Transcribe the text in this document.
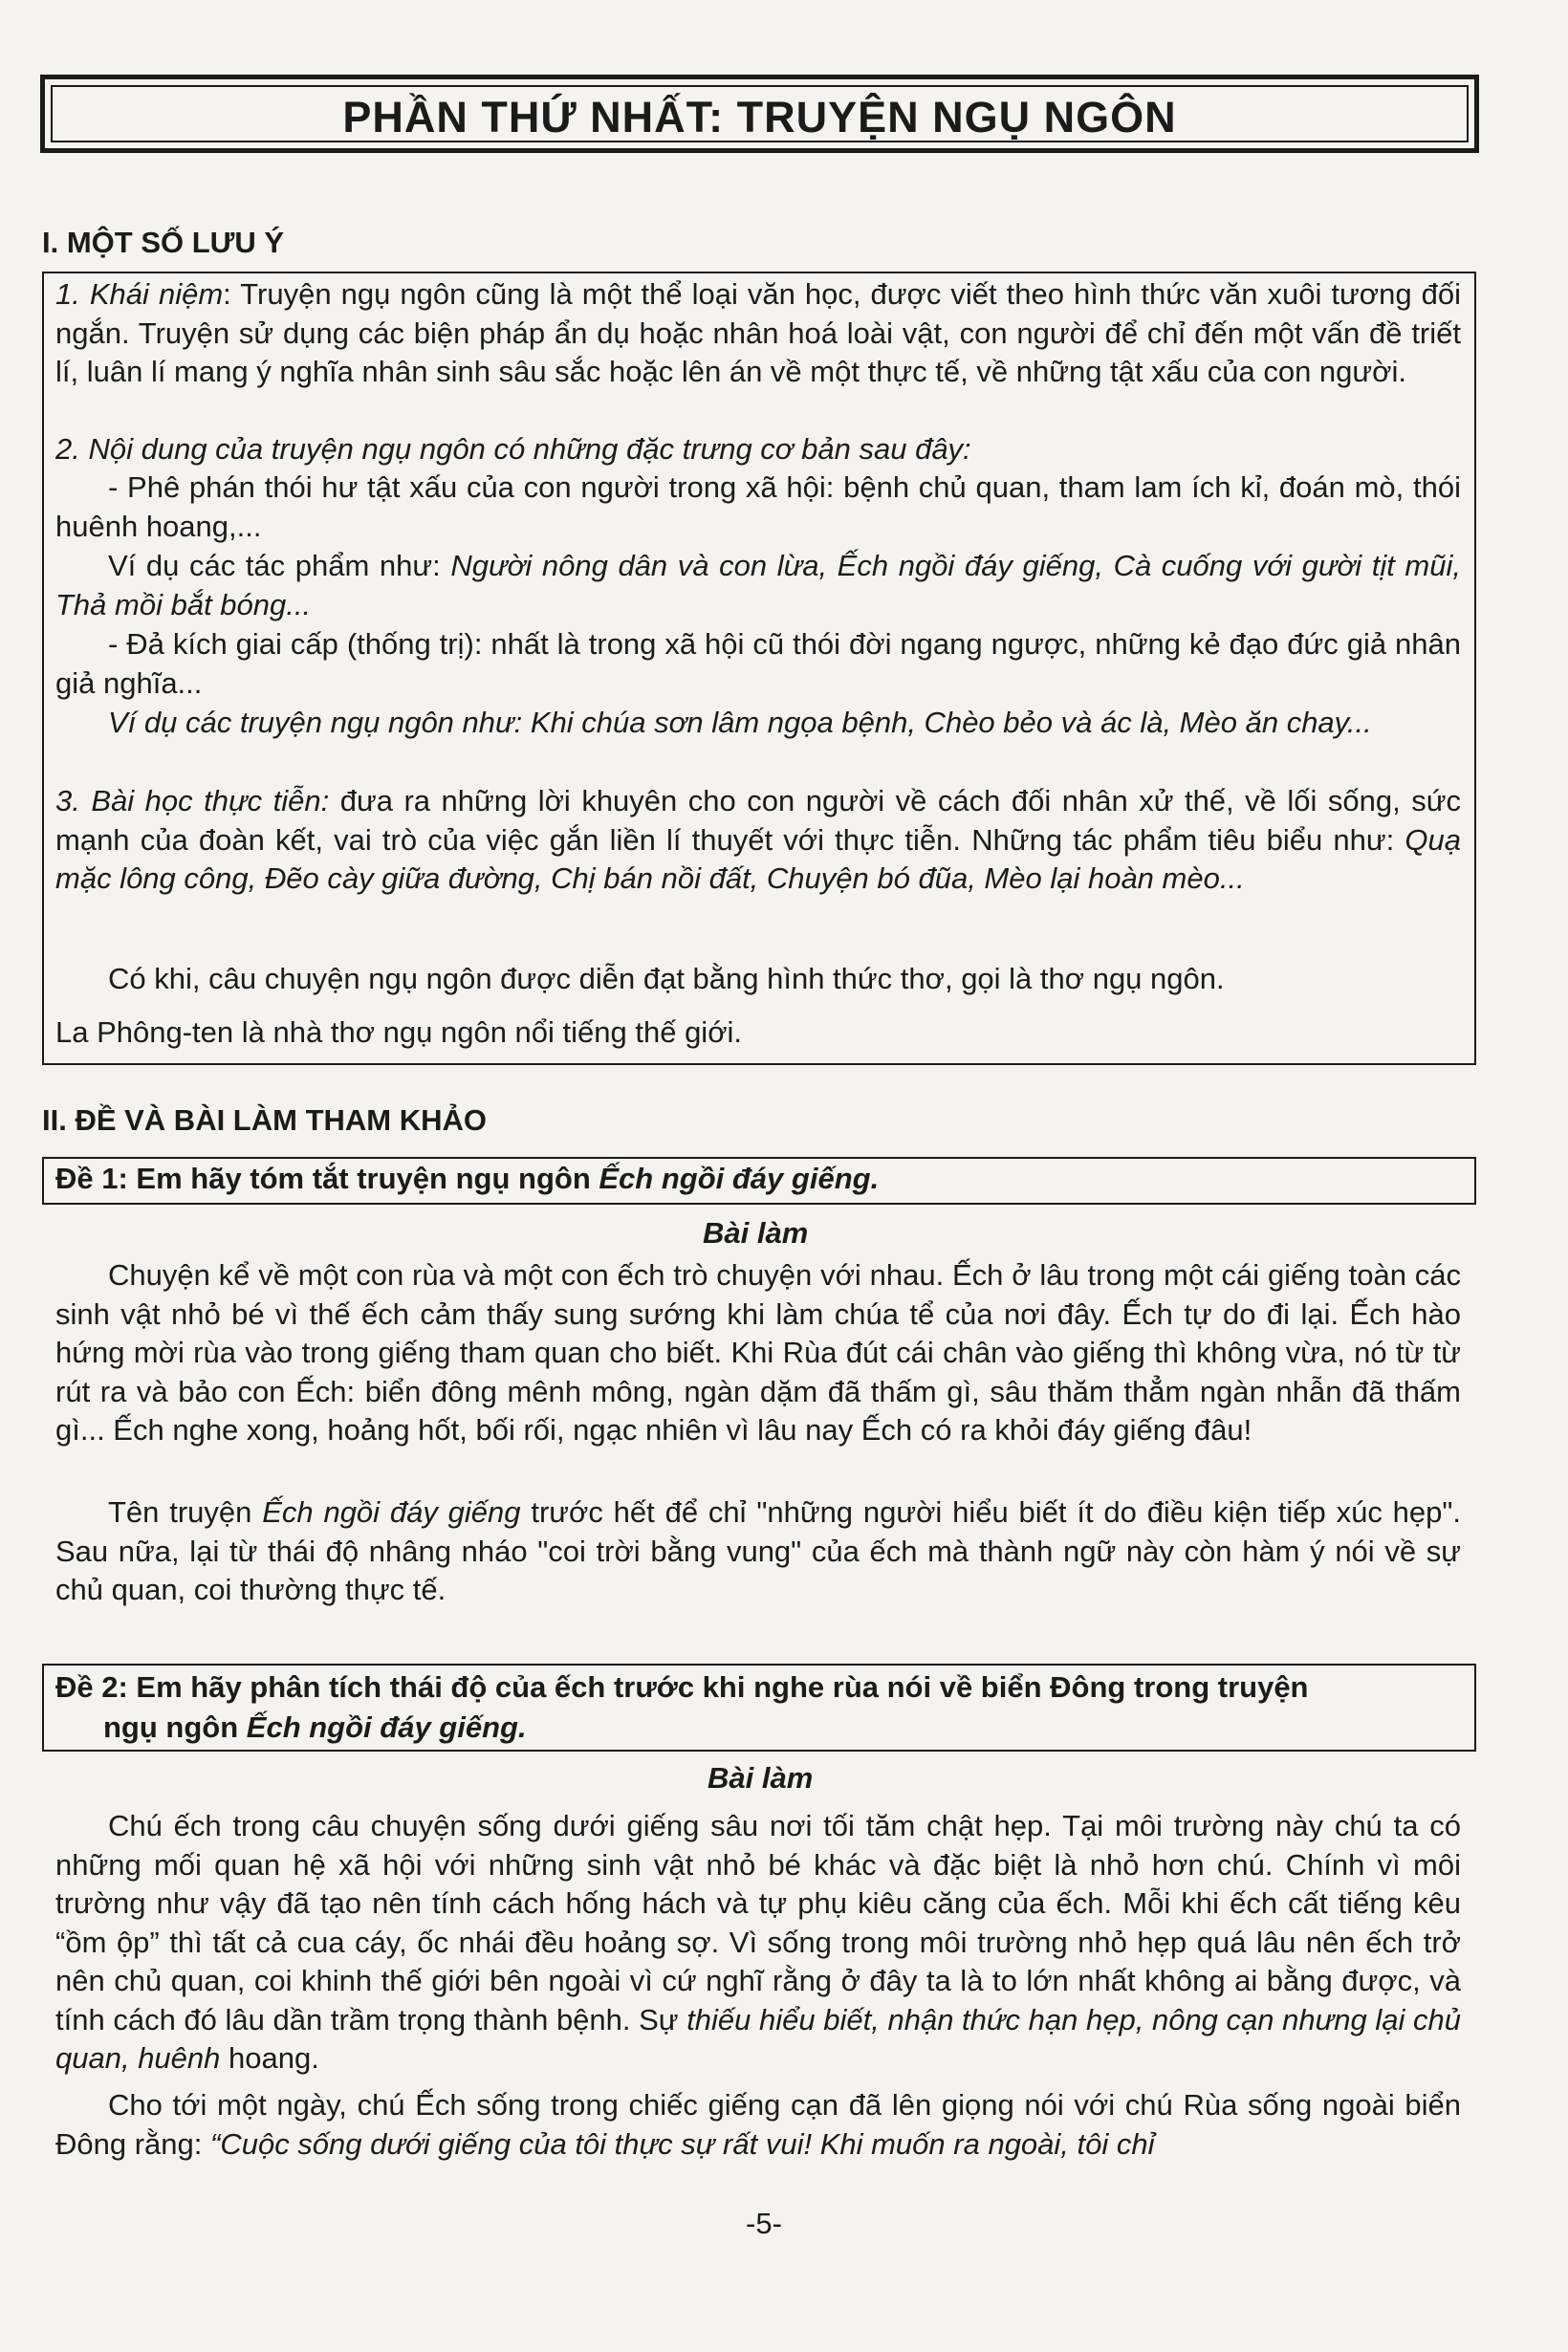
PHẦN THỨ NHẤT: TRUYỆN NGỤ NGÔN
I. MỘT SỐ LƯU Ý

1. Khái niệm: Truyện ngụ ngôn cũng là một thể loại văn học, được viết theo hình thức văn xuôi tương đối ngắn. Truyện sử dụng các biện pháp ẩn dụ hoặc nhân hoá loài vật, con người để chỉ đến một vấn đề triết lí, luân lí mang ý nghĩa nhân sinh sâu sắc hoặc lên án về một thực tế, về những tật xấu của con người.

2. Nội dung của truyện ngụ ngôn có những đặc trưng cơ bản sau đây:

- Phê phán thói hư tật xấu của con người trong xã hội: bệnh chủ quan, tham lam ích kỉ, đoán mò, thói huênh hoang,...

Ví dụ các tác phẩm như: Người nông dân và con lừa, Ếch ngồi đáy giếng, Cà cuống với gười tịt mũi, Thả mồi bắt bóng...

- Đả kích giai cấp (thống trị): nhất là trong xã hội cũ thói đời ngang ngược, những kẻ đạo đức giả nhân giả nghĩa...

Ví dụ các truyện ngụ ngôn như: Khi chúa sơn lâm ngọa bệnh, Chèo bẻo và ác là, Mèo ăn chay...

3. Bài học thực tiễn: đưa ra những lời khuyên cho con người về cách đối nhân xử thế, về lối sống, sức mạnh của đoàn kết, vai trò của việc gắn liền lí thuyết với thực tiễn. Những tác phẩm tiêu biểu như: Quạ mặc lông công, Đẽo cày giữa đường, Chị bán nồi đất, Chuyện bó đũa, Mèo lại hoàn mèo...

Có khi, câu chuyện ngụ ngôn được diễn đạt bằng hình thức thơ, gọi là thơ ngụ ngôn.

La Phông-ten là nhà thơ ngụ ngôn nổi tiếng thế giới.

II. ĐỀ VÀ BÀI LÀM THAM KHẢO

Đề 1: Em hãy tóm tắt truyện ngụ ngôn Ếch ngồi đáy giếng.

Bài làm

Chuyện kể về một con rùa và một con ếch trò chuyện với nhau. Ếch ở lâu trong một cái giếng toàn các sinh vật nhỏ bé vì thế ếch cảm thấy sung sướng khi làm chúa tể của nơi đây. Ếch tự do đi lại. Ếch hào hứng mời rùa vào trong giếng tham quan cho biết. Khi Rùa đút cái chân vào giếng thì không vừa, nó từ từ rút ra và bảo con Ếch: biển đông mênh mông, ngàn dặm đã thấm gì, sâu thăm thẳm ngàn nhẫn đã thấm gì... Ếch nghe xong, hoảng hốt, bối rối, ngạc nhiên vì lâu nay Ếch có ra khỏi đáy giếng đâu!

Tên truyện Ếch ngồi đáy giếng trước hết để chỉ "những người hiểu biết ít do điều kiện tiếp xúc hẹp". Sau nữa, lại từ thái độ nhâng nháo "coi trời bằng vung" của ếch mà thành ngữ này còn hàm ý nói về sự chủ quan, coi thường thực tế.

Đề 2: Em hãy phân tích thái độ của ếch trước khi nghe rùa nói về biển Đông trong truyện

ngụ ngôn Ếch ngồi đáy giếng.

Bài làm

Chú ếch trong câu chuyện sống dưới giếng sâu nơi tối tăm chật hẹp. Tại môi trường này chú ta có những mối quan hệ xã hội với những sinh vật nhỏ bé khác và đặc biệt là nhỏ hơn chú. Chính vì môi trường như vậy đã tạo nên tính cách hống hách và tự phụ kiêu căng của ếch. Mỗi khi ếch cất tiếng kêu “ồm ộp” thì tất cả cua cáy, ốc nhái đều hoảng sợ. Vì sống trong môi trường nhỏ hẹp quá lâu nên ếch trở nên chủ quan, coi khinh thế giới bên ngoài vì cứ nghĩ rằng ở đây ta là to lớn nhất không ai bằng được, và tính cách đó lâu dần trầm trọng thành bệnh. Sự thiếu hiểu biết, nhận thức hạn hẹp, nông cạn nhưng lại chủ quan, huênh hoang.

Cho tới một ngày, chú Ếch sống trong chiếc giếng cạn đã lên giọng nói với chú Rùa sống ngoài biển Đông rằng: “Cuộc sống dưới giếng của tôi thực sự rất vui! Khi muốn ra ngoài, tôi chỉ

-5-
